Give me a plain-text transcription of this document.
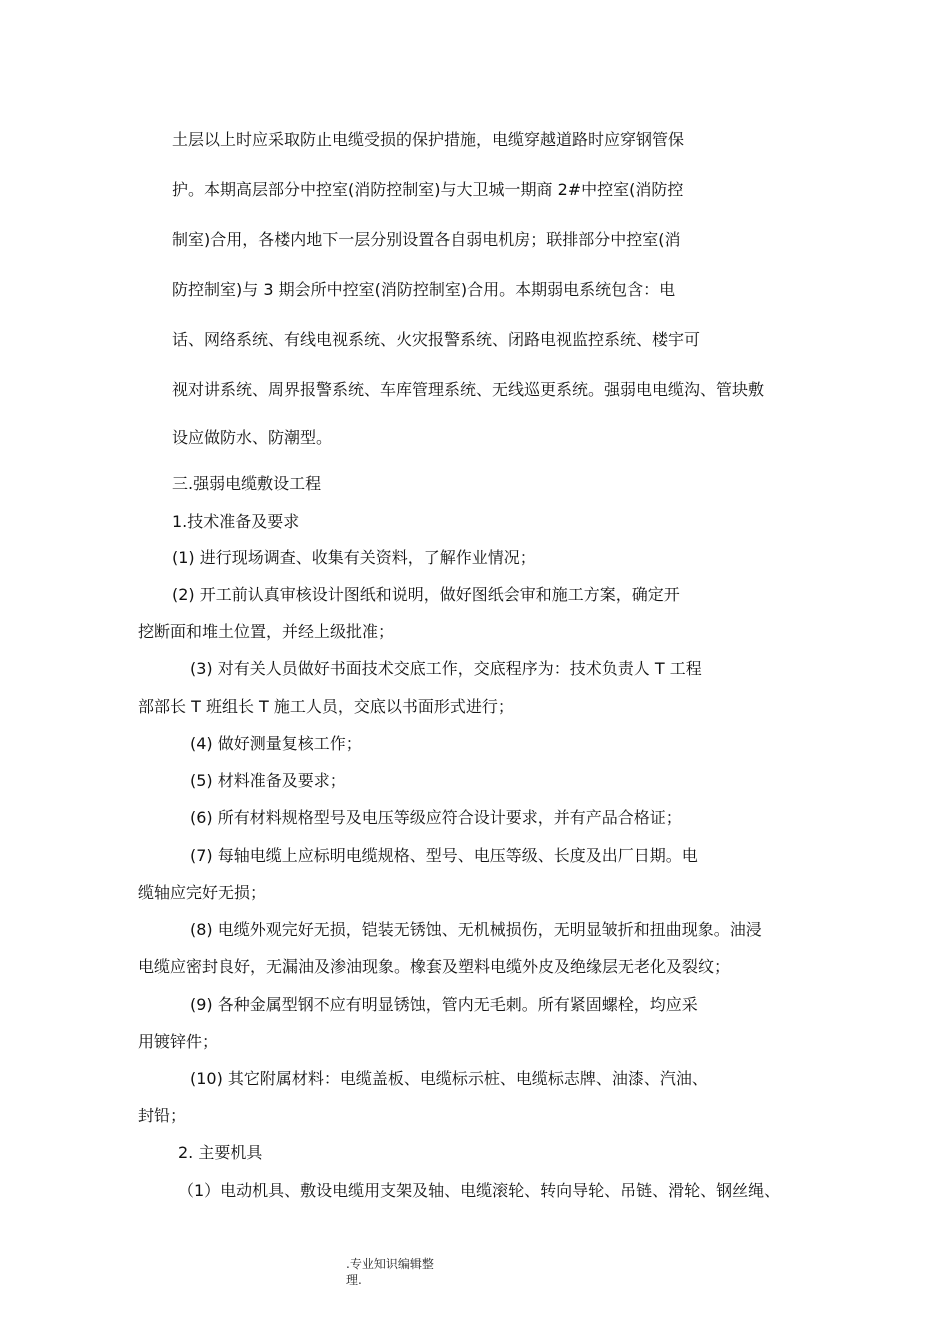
土层以上时应采取防止电缆受损的保护措施，电缆穿越道路时应穿钢管保

护。本期高层部分中控室(消防控制室)与大卫城一期商 2#中控室(消防控

制室)合用，各楼内地下一层分别设置各自弱电机房；联排部分中控室(消

防控制室)与 3 期会所中控室(消防控制室)合用。本期弱电系统包含：电

话、网络系统、有线电视系统、火灾报警系统、闭路电视监控系统、楼宇可

视对讲系统、周界报警系统、车库管理系统、无线巡更系统。强弱电电缆沟、管块敷

设应做防水、防潮型。

三.强弱电缆敷设工程

1.技术准备及要求

(1) 进行现场调查、收集有关资料，了解作业情况；

(2) 开工前认真审核设计图纸和说明，做好图纸会审和施工方案，确定开

挖断面和堆土位置，并经上级批准；

(3) 对有关人员做好书面技术交底工作，交底程序为：技术负责人 T 工程

部部长 T 班组长 T 施工人员，交底以书面形式进行；

(4) 做好测量复核工作；

(5) 材料准备及要求；

(6) 所有材料规格型号及电压等级应符合设计要求，并有产品合格证；

(7) 每轴电缆上应标明电缆规格、型号、电压等级、长度及出厂日期。电

缆轴应完好无损；

(8) 电缆外观完好无损，铠装无锈蚀、无机械损伤，无明显皱折和扭曲现象。油浸

电缆应密封良好，无漏油及渗油现象。橡套及塑料电缆外皮及绝缘层无老化及裂纹；

(9) 各种金属型钢不应有明显锈蚀，管内无毛刺。所有紧固螺栓，均应采

用镀锌件；

(10) 其它附属材料：电缆盖板、电缆标示桩、电缆标志牌、油漆、汽油、

封铅；

2. 主要机具

（1）电动机具、敷设电缆用支架及轴、电缆滚轮、转向导轮、吊链、滑轮、钢丝绳、

.专业知识编辑整
理.
